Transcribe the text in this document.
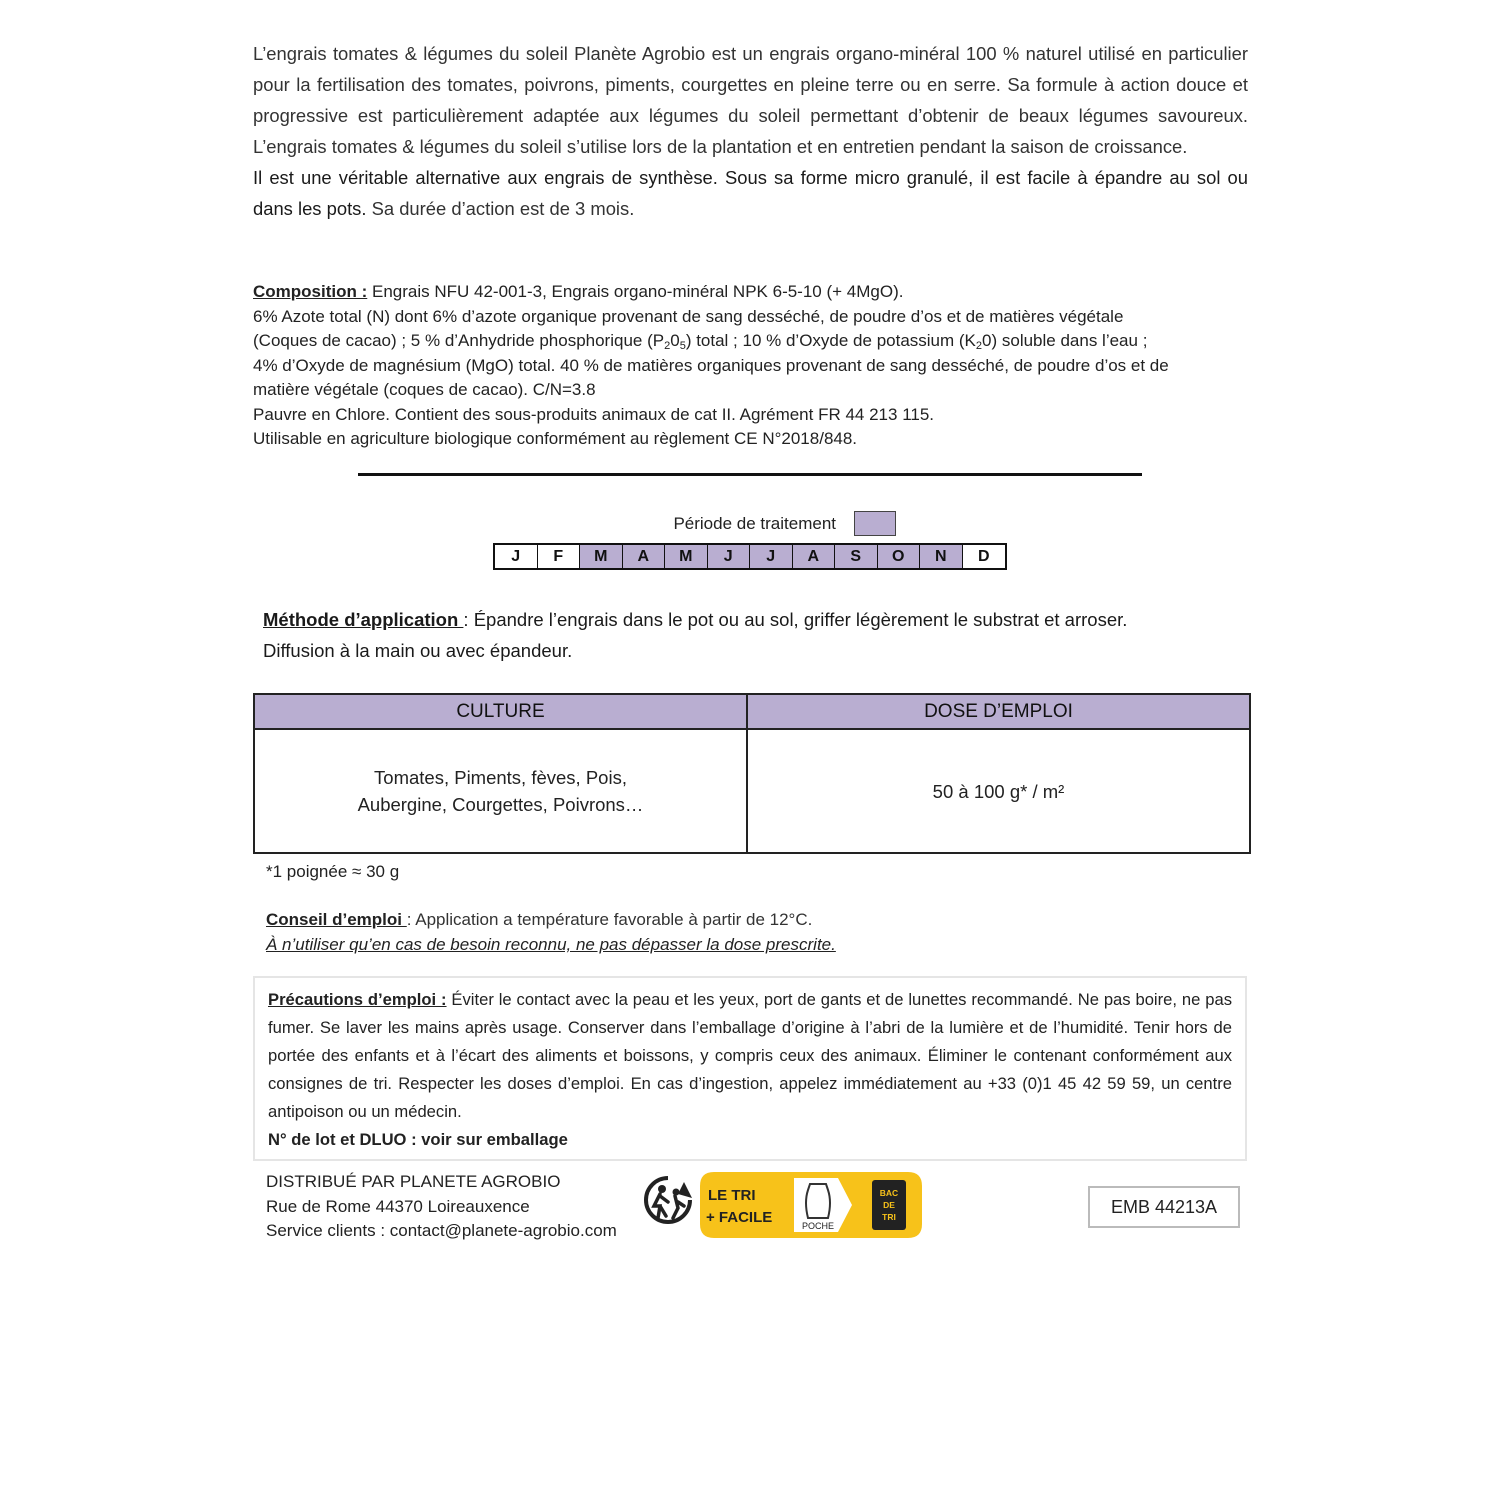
L’engrais tomates & légumes du soleil Planète Agrobio est un engrais organo-minéral 100 % naturel utilisé en particulier pour la fertilisation des tomates, poivrons, piments, courgettes en pleine terre ou en serre. Sa formule à action douce et progressive est particulièrement adaptée aux légumes du soleil permettant d’obtenir de beaux légumes savoureux. L’engrais tomates & légumes du soleil s’utilise lors de la plantation et en entretien pendant la saison de croissance.

Il est une véritable alternative aux engrais de synthèse. Sous sa forme micro granulé, il est facile à épandre au sol ou dans les pots. Sa durée d’action est de 3 mois.

Composition : Engrais NFU 42-001-3, Engrais organo-minéral NPK 6-5-10 (+ 4MgO).
6% Azote total (N) dont 6% d’azote organique provenant de sang desséché, de poudre d’os et de matières végétale
(Coques de cacao) ; 5 % d’Anhydride phosphorique $(P_20_5)$ total ; 10 % d’Oxyde de potassium $(K_20)$ soluble dans l’eau ;
4% d’Oxyde de magnésium (MgO) total. 40 % de matières organiques provenant de sang desséché, de poudre d’os et de
matière végétale (coques de cacao). C/N=3.8
Pauvre en Chlore. Contient des sous-produits animaux de cat II. Agrément FR 44 213 115.
Utilisable en agriculture biologique conformément au règlement CE N°2018/848.
Période de traitement
J	F	M	A	M	J	J	A	S	O	N	D
Méthode d’application : Épandre l’engrais dans le pot ou au sol, griffer légèrement le substrat et arroser.
Diffusion à la main ou avec épandeur.
CULTURE	DOSE D’EMPLOI

Tomates, Piments, fèves, Pois,
Aubergine, Courgettes, Poivrons…	50 à 100 g* / m²
*1 poignée ≈ 30 g
Conseil d’emploi : Application a température favorable à partir de 12°C.
À n’utiliser qu’en cas de besoin reconnu, ne pas dépasser la dose prescrite.
Précautions d’emploi : Éviter le contact avec la peau et les yeux, port de gants et de lunettes recommandé. Ne pas boire, ne pas fumer. Se laver les mains après usage. Conserver dans l’emballage d’origine à l’abri de la lumière et de l’humidité. Tenir hors de portée des enfants et à l’écart des aliments et boissons, y compris ceux des animaux. Éliminer le contenant conformément aux consignes de tri. Respecter les doses d’emploi. En cas d’ingestion, appelez immédiatement au +33 (0)1 45 42 59 59, un centre antipoison ou un médecin.
N° de lot et DLUO : voir sur emballage
DISTRIBUÉ PAR PLANETE AGROBIO
Rue de Rome 44370 Loireauxence
Service clients : contact@planete-agrobio.com
LE TRI
+ FACILE	POCHE
BAC
DE
TRI	EMB 44213A
